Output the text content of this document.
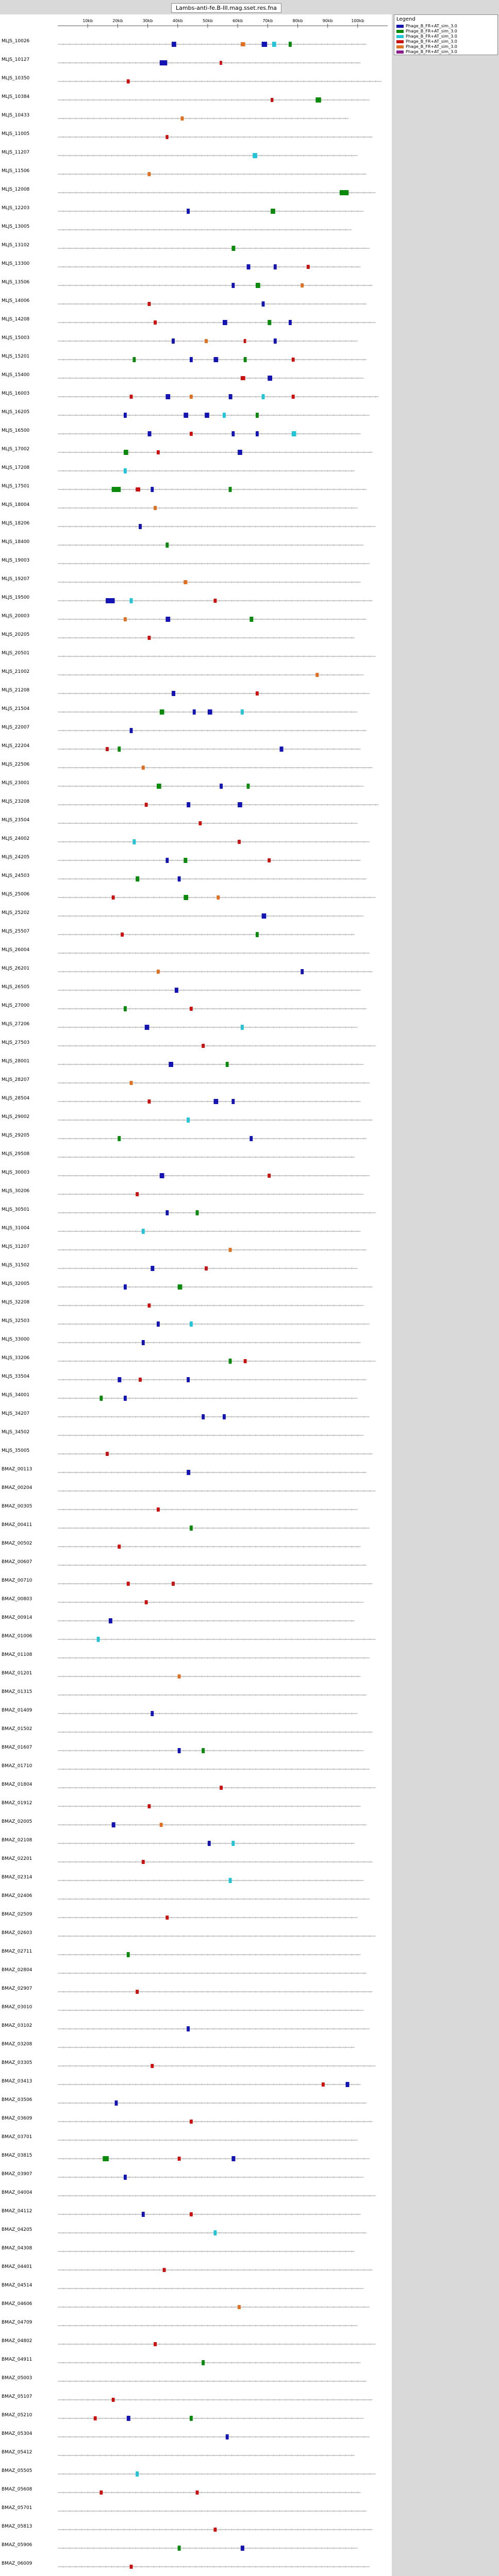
Lambs-anti-fe.B-III.mag.sset.res.fna
10kb	20kb	30kb	40kb	50kb	60kb	70kb	80kb	90kb	100kb
MLJS_10026
MLJS_10127
MLJS_10350
MLJS_10384
MLJS_10433
MLJS_11005
MLJS_11207
MLJS_11506
MLJS_12008
MLJS_12203
MLJS_13005
MLJS_13102
MLJS_13300
MLJS_13506
MLJS_14006
MLJS_14208
MLJS_15003
MLJS_15201
MLJS_15400
MLJS_16003
MLJS_16205
MLJS_16500
MLJS_17002
MLJS_17208
MLJS_17501
MLJS_18004
MLJS_18206
MLJS_18400
MLJS_19003
MLJS_19207
MLJS_19500
MLJS_20003
MLJS_20205
MLJS_20501
MLJS_21002
MLJS_21208
MLJS_21504
MLJS_22007
MLJS_22204
MLJS_22506
MLJS_23001
MLJS_23208
MLJS_23504
MLJS_24002
MLJS_24205
MLJS_24503
MLJS_25006
MLJS_25202
MLJS_25507
MLJS_26004
MLJS_26201
MLJS_26505
MLJS_27000
MLJS_27206
MLJS_27503
MLJS_28001
MLJS_28207
MLJS_28504
MLJS_29002
MLJS_29205
MLJS_29508
MLJS_30003
MLJS_30206
MLJS_30501
MLJS_31004
MLJS_31207
MLJS_31502
MLJS_32005
MLJS_32208
MLJS_32503
MLJS_33000
MLJS_33206
MLJS_33504
MLJS_34001
MLJS_34207
MLJS_34502
MLJS_35005
BMAZ_00113
BMAZ_00204
BMAZ_00305
BMAZ_00411
BMAZ_00502
BMAZ_00607
BMAZ_00710
BMAZ_00803
BMAZ_00914
BMAZ_01006
BMAZ_01108
BMAZ_01201
BMAZ_01315
BMAZ_01409
BMAZ_01502
BMAZ_01607
BMAZ_01710
BMAZ_01804
BMAZ_01912
BMAZ_02005
BMAZ_02108
BMAZ_02201
BMAZ_02314
BMAZ_02406
BMAZ_02509
BMAZ_02603
BMAZ_02711
BMAZ_02804
BMAZ_02907
BMAZ_03010
BMAZ_03102
BMAZ_03208
BMAZ_03305
BMAZ_03413
BMAZ_03506
BMAZ_03609
BMAZ_03701
BMAZ_03815
BMAZ_03907
BMAZ_04004
BMAZ_04112
BMAZ_04205
BMAZ_04308
BMAZ_04401
BMAZ_04514
BMAZ_04606
BMAZ_04709
BMAZ_04802
BMAZ_04911
BMAZ_05003
BMAZ_05107
BMAZ_05210
BMAZ_05304
BMAZ_05412
BMAZ_05505
BMAZ_05608
BMAZ_05701
BMAZ_05813
BMAZ_05906
BMAZ_06009
Legend
Phage_B_FR+AT_sim_3.0
Phage_B_FR+AT_sim_3.0
Phage_B_FR+AT_sim_3.0
Phage_B_FR+AT_sim_3.0
Phage_B_FR+AT_sim_3.0
Phage_B_FR+AT_sim_3.0
